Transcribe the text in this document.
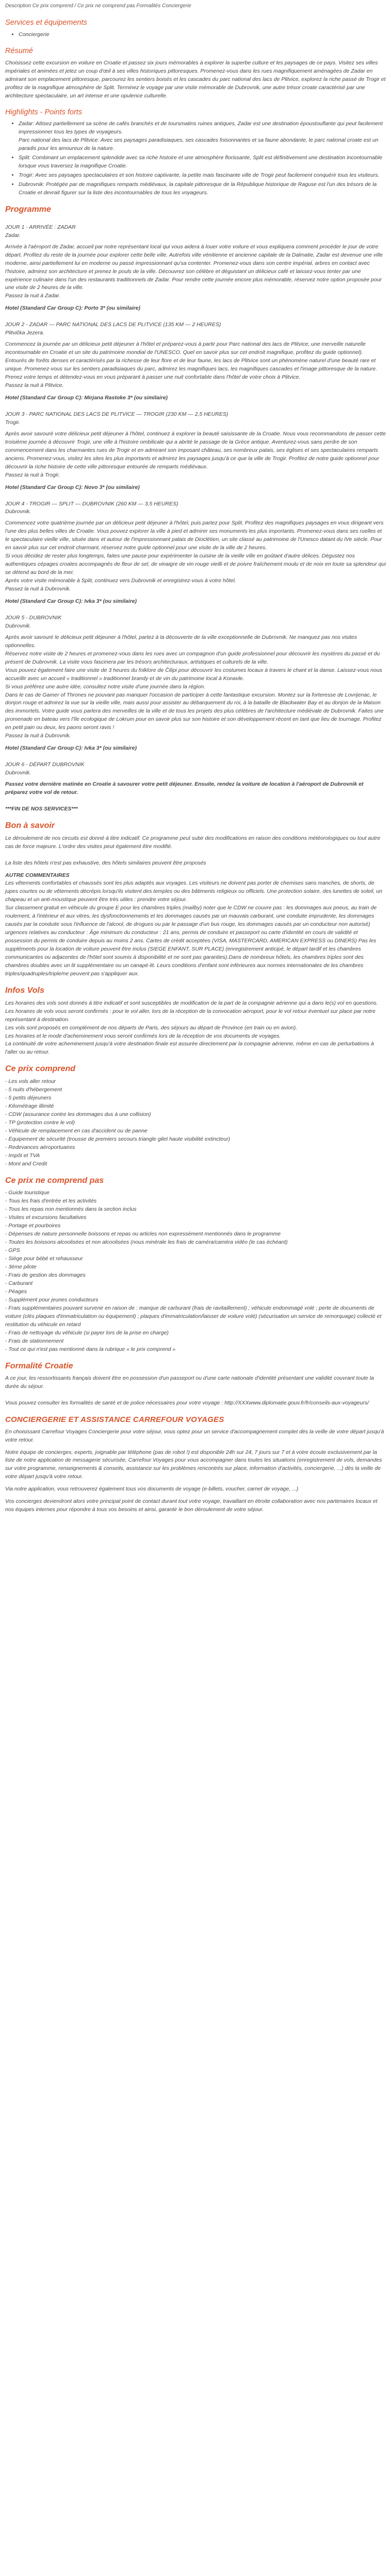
Description Ce prix comprend / Ce prix ne comprend pas Formalités Conciergerie
Services et équipements
• Conciergerie
Résumé

Choisissez cette excursion en voiture en Croatie et passez six jours mémorables à explorer la superbe culture et les paysages de ce pays. Visitez ses villes impériales et animées et jetez un coup d'œil à ses villes historiques pittoresques. Promenez-vous dans les rues magnifiquement aménagées de Zadar en admirant son emplacement pittoresque, parcourez les sentiers boisés et les cascades du parc national des lacs de Plitvice, explorez la riche passé de Trogir et profitez de la magnifique atmosphère de Split. Terminez le voyage par une visite mémorable de Dubrovnik, une autre trésor croate caractérisé par une architecture spectaculaire, un art intense et une opulence culturelle.

Highlights - Points forts
• Zadar: Attisez partiellement sa scène de cafés branchés et de toursmatins ruines antiques, Zadar est une destination époustouflante qui peut facilement impressionner tous les types de voyageurs.
Parc national des lacs de Plitvice: Avec ses paysages paradisiaques, ses cascades foisonnantes et sa faune abondante, le parc national croate est un paradis pour les amoureux de la nature.
• Split: Combinant un emplacement splendide avec sa riche histoire et une atmosphère florissante, Split est définitivement une destination incontournable lorsque vous traversez la magnifique Croatie.
• Trogir: Avec ses paysages spectaculaires et son histoire captivante, la petite mais fascinante ville de Trogir peut facilement conquérir tous les visiteurs.
• Dubrovnik: Protégée par de magnifiques remparts médiévaux, la capitale pittoresque de la République historique de Raguse est l'un des trésors de la Croatie et devrait figurer sur la liste des incontournables de tous les voyageurs.
Programme
JOUR 1 - ARRIVÉE : ZADAR
Zadar.

Arrivée à l'aéroport de Zadar, accueil par notre représentant local qui vous aidera à louer votre voiture et vous expliquera comment procéder le jour de votre départ. Profitez du reste de la journée pour explorer cette belle ville. Autrefois ville vénitienne et ancienne capitale de la Dalmatie, Zadar est devenue une ville moderne, ainsi partiellement lui en moderne ou passé impressionnant qu'sa contenter. Promenez-vous dans son centre impérial, arbres en contact avec l'histoire, admirez son architecture et prenez le pouls de la ville. Découvrez son célèbre et déguistant un délicieux café et laissez-vous tenter par une expérience culinaire dans l'un des restaurants traditionnels de Zadar. Pour rendre cette journée encore plus mémorable, réservez notre option proposée pour une visite de 2 heures de la ville.
Passez la nuit à Zadar.

Hotel (Standard Car Group C): Porto 3* (ou similaire)
JOUR 2 - ZADAR — PARC NATIONAL DES LACS DE PLITVICE (135 KM — 2 HEURES)
Plitvička Jezera.

Commencez la journée par un délicieux petit déjeuner à l'hôtel et préparez-vous à partir pour Parc national des lacs de Plitvice, une merveille naturelle incontournable en Croatie et un site du patrimoine mondial de l'UNESCO. Quel en savoir plus sur cet endroit magnifique, profitez du guide optionnel). Entourés de forêts denses et caractérisés par la richesse de leur flore et de leur faune, les lacs de Plitvice sont un phénomène naturel d'une beauté rare et unique. Promenez-vous sur les sentiers paradisiaques du parc, admirez les magnifiques lacs, les magnifiques cascades et l'image pittoresque de la nature. Prenez votre temps et détendez-vous en vous préparant à passer une nuit confortable dans l'hôtel de votre choix à Plitvice.
Passez la nuit à Plitvice.

Hotel (Standard Car Group C): Mirjana Rastoke 3* (ou similaire)
JOUR 3 - PARC NATIONAL DES LACS DE PLITVICE — TROGIR (230 KM — 2,5 HEURES)
Trogir.

Après avoir savouré votre délicieux petit déjeuner à l'hôtel, continuez à explorer la beauté saisissante de la Croatie. Nous vous recommandons de passer cette troisième journée à découvrir Trogir, une ville à l'histoire ombilicale qui a abrité le passage de la Grèce antique. Aventurez-vous sans perdre de son commencement dans les charmantes rues de Trogir et en admirant son imposant château, ses nombreux palais, ses églises et ses spectaculaires remparts anciens. Promenez-vous, visitez les sites les plus importants et admirez les paysages jusqu'à ce que la ville de Trogir. Profitez de notre guide optionnel pour découvrir la riche histoire de cette ville pittoresque entourée de remparts médiévaux.
Passez la nuit à Trogir.

Hotel (Standard Car Group C): Novo 3* (ou similaire)
JOUR 4 - TROGIR — SPLIT — DUBROVNIK (260 KM — 3,5 HEURES)
Dubrovnik.

Commencez votre quatrième journée par un délicieux petit déjeuner à l'hôtel, puis partez pour Split. Profitez des magnifiques paysages en vous dirigeant vers l'une des plus belles villes de Croatie. Vous pouvez explorer la ville à pied et admirer ses monuments les plus importants. Promenez-vous dans ses ruelles et le spectaculaire vieille ville, située dans et autour de l'impressionnant palais de Dioclétien, un site classé au patrimoine de l'Unesco datant du IVe siècle. Pour en savoir plus sur cet endroit charmant, réservez notre guide optionnel pour une visite de la ville de 2 heures.
Si vous décidez de rester plus longtemps, faites une pause pour expérimenter la cuisine de la vieille ville en goûtant d'autre délices. Dégustez nos authentiques cépages croates accompagnés de fleur de sel, de vinaigre de vin rouge vieilli et de poivre fraîchement moulu et de noix en toute sa splendeur qui se détend au bord de la mer.
Après votre visite mémorable à Split, continuez vers Dubrovnik et enregistrez-vous à votre hôtel.
Passez la nuit à Dubrovnik.

Hotel (Standard Car Group C): Ivka 3* (ou similaire)
JOUR 5 - DUBROVNIK
Dubrovnik.

Après avoir savouré le délicieux petit déjeuner à l'hôtel, partez à la découverte de la ville exceptionnelle de Dubrovnik. Ne manquez pas nos visites optionnelles.
Réservez notre visite de 2 heures et promenez-vous dans les rues avec un compagnon d'un guide professionnel pour découvrir les mystères du passé et du présent de Dubrovnik. La visite vous fascinera par les trésors architecturaux, artistiques et culturels de la ville.
Vous pouvez également faire une visite de 3 heures du folklore de Čilipi pour découvrir les costumes locaux à travers le chant et la danse. Laissez-vous nous accueillir avec un accueil « traditionnel » traditionnel brandy et de vin du patrimoine local à Konavle.
Si vous préférez une autre idée, consultez notre visite d'une journée dans la région.
Dans le cas de Gamer of Thrones ne pouvant pas manquer l'occasion de participer à cette fantastique excursion. Montez sur la forteresse de Lovrijenac, le donjon rouge et admirez la vue sur la vieille ville, mais aussi pour assister au débarquement du roi, à la bataille de Blackwater Bay et au donjon de la Maison des immortels. Votre guide vous parlera des merveilles de la ville et de tous les projets des plus célèbres de l'architecture médiévale de Dubrovnik. Faites une promenade en bateau vers l'île ecologique de Lokrum pour en savoir plus sur son histoire et son développement récent en tant que lieu de tournage. Profitez en petit pain ou deux, les paons seront ravis !
Passez la nuit à Dubrovnik.

Hotel (Standard Car Group C): Ivka 3* (ou similaire)
JOUR 6 - DÉPART DUBROVNIK
Dubrovnik.

Passez votre dernière matinée en Croatie à savourer votre petit déjeuner. Ensuite, rendez la voiture de location à l'aéroport de Dubrovnik et préparez votre vol de retour.

***FIN DE NOS SERVICES***

Bon à savoir

Le déroulement de nos circuits est donné à titre indicatif. Ce programme peut subir des modifications en raison des conditions météorologiques ou tout autre cas de force majeure. L'ordre des visites peut également être modifié.

La liste des hôtels n'est pas exhaustive, des hôtels similaires peuvent être proposés

AUTRE COMMENTAIRES

Les vêtements confortables et chaussés sont les plus adaptés aux voyages. Les visiteurs ne doivent pas porter de chemises sans manches, de shorts, de jupes courtes ou de vêtements décrépis lorsqu'ils visitent des temples ou des bâtiments religieux ou officiels. Une protection solaire, des lunettes de soleil, un chapeau et un anti-moustique peuvent être très utiles : prendre votre séjour.
Sur classement gratuit en véhicule du groupe E pour les chambres triples (mailby) noter que le CDW ne couvre pas : les dommages aux pneus, au train de roulement, à l'intérieur et aux vitres, les dysfonctionnements et les dommages causés par un mauvais carburant, une conduite imprudente, les dommages causés par la conduite sous l'influence de l'alcool, de drogues ou par le passage d'un bus rouge, les dommages causés par un conducteur non autorisé) urgences relatives au conducteur : Âge minimum du conducteur : 21 ans, permis de conduire et passeport ou carte d'identité en cours de validité et possession du permis de conduire depuis au moins 2 ans. Cartes de crédit acceptées (VISA, MASTERCARD, AMERICAN EXPRESS ou DINERS) Pas les suppléments pour la location de voiture peuvent être inclus (SIEGE ENFANT, SUR PLACE) (enregistrement anticipé, le départ tardif et les chambres communicantes ou adjacentes de l'hôtel sont soumis à disponibilité et ne sont pas garanties).Dans de nombreux hôtels, les chambres triples sont des chambres doubles avec un lit supplémentaire ou un canapé-lit. Leurs conditions d'enfant sont inférieures aux normes internationales de les chambres triples/quadruples/triple/ne peuvent pas s'appliquer aux.

Infos Vols

Les horaires des vols sont donnés à titre indicatif et sont susceptibles de modification de la part de la compagnie aérienne qui a dans le(s) vol en questions.
Les horaires de vols vous seront confirmés : pour le vol aller, lors de la réception de la convocation aéroport, pour le vol retour éventuel sur place par notre représentant à destination.
Les vols sont proposés en complément de nos départs de Paris, des séjours au départ de Province (en train ou en avion).
Les horaires et le mode d'acheminement vous seront confirmés lors de la réception de vos documents de voyages.
La continuité de votre acheminement jusqu'à votre destination finale est assurée directement par la compagnie aérienne, même en cas de perturbations à l'aller ou au retour.

Ce prix comprend
- Les vols aller retour
- 5 nuits d'hébergement
- 5 petits déjeuners
- Kilométrage illimité
- CDW (assurance contre les dommages dus à une collision)
- TP (protection contre le vol)
- Véhicule de remplacement en cas d'accident ou de panne
- Équipement de sécurité (trousse de premiers secours triangle gilet haute visibilité extincteur)
- Redevances aéroportuaires
- Impôt et TVA
- Mont and Credit
Ce prix ne comprend pas
- Guide touristique
- Tous les frais d'entrée et les activités
- Tous les repas non mentionnés dans la section inclus
- Visites et excursions facultatives
- Portage et pourboires
- Dépenses de nature personnelle boissons et repas ou articles non expressément mentionnés dans le programme
- Toutes les boissons alcoolisées et non alcoolisées (nous minérale les frais de caméra/caméra vidéo (le cas échéant)
- GPS
- Siège pour bébé et rehausseur
- 3ème pilote
- Frais de gestion des dommages
- Carburant
- Péages
- Supplément pour jeunes conducteurs
- Frais supplémentaires pouvant survenir en raison de : manque de carburant (frais de ravitaillement) ; véhicule endommagé volé ; perte de documents de voiture (clés plaques d'immatriculation ou équipement) ; plaques d'immatriculation/laisser de voiture volé) (sécurisation un service de remorquage) collecté et restitution du véhicule en retard
- Frais de nettoyage du véhicule (si payer lors de la prise en charge)
- Frais de stationnement
- Tout ce qui n'est pas mentionné dans la rubrique « le prix comprend »
Formalité Croatie

A ce jour, les ressortissants français doivent être en possession d'un passeport ou d'une carte nationale d'identité présentant une validité couvrant toute la durée du séjour.

Vous pouvez consulter les formalités de santé et de police nécessaires pour votre voyage : http://XXXwww.diplomatie.gouv.fr/fr/conseils-aux-voyageurs/

CONCIERGERIE ET ASSISTANCE CARREFOUR VOYAGES

En choisissant Carrefour Voyages Conciergerie pour votre séjour, vous optez pour un service d'accompagnement complet dès la veille de votre départ jusqu'à votre retour.

Notre équipe de concierges, experts, joignable par téléphone (pas de robot !) est disponible 24h sur 24, 7 jours sur 7 et à votre écoute exclusivement par la liste de notre application de messagerie sécurisée, Carrefour Voyages pour vous accompagner dans toutes les situations (enregistrement de vols, demandes sur votre programme, renseignements & conseils, assistance sur les problèmes rencontrés sur place, information d'activités, conciergerie, ...) dès la veille de votre départ jusqu'à votre retour.

Via notre application, vous retrouverez également tous vos documents de voyage (e-billets, voucher, carnet de voyage, ...)

Vos concierges deviendront alors votre principal point de contact durant tout votre voyage, travaillant en étroite collaboration avec nos partenaires locaux et nos équipes internes pour répondre à tous vos besoins et ainsi, garantir le bon déroulement de votre séjour.
